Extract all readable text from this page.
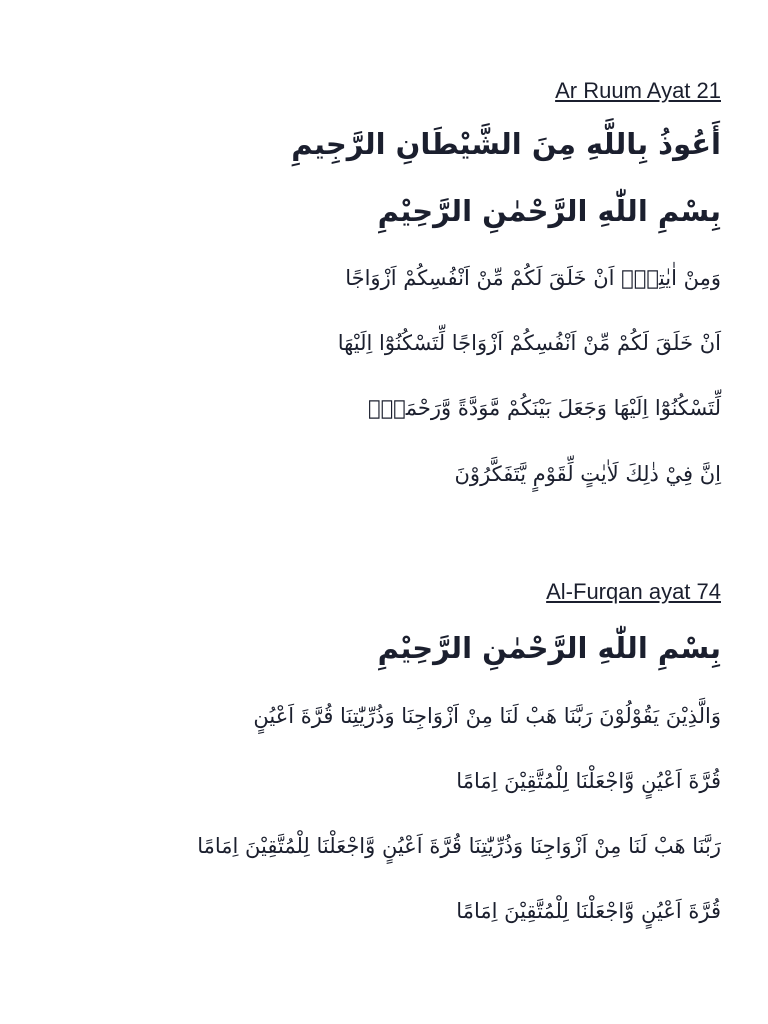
Ar Ruum Ayat 21
أَعُوذُ بِاللَّهِ مِنَ الشَّيْطَانِ الرَّجِيمِ
بِسْمِ اللّٰهِ الرَّحْمٰنِ الرَّحِيْمِ
وَمِنْ اٰيٰتِهٖٓ اَنْ خَلَقَ لَكُمْ مِّنْ اَنْفُسِكُمْ اَزْوَاجًا
اَنْ خَلَقَ لَكُمْ مِّنْ اَنْفُسِكُمْ اَزْوَاجًا لِّتَسْكُنُوْٓا اِلَيْهَا
لِّتَسْكُنُوْٓا اِلَيْهَا وَجَعَلَ بَيْنَكُمْ مَّوَدَّةً وَّرَحْمَةًۗ
اِنَّ فِيْ ذٰلِكَ لَاٰيٰتٍ لِّقَوْمٍ يَّتَفَكَّرُوْنَ
Al-Furqan ayat 74
بِسْمِ اللّٰهِ الرَّحْمٰنِ الرَّحِيْمِ
وَالَّذِيْنَ يَقُوْلُوْنَ رَبَّنَا هَبْ لَنَا مِنْ اَزْوَاجِنَا وَذُرِّيّٰتِنَا قُرَّةَ اَعْيُنٍ
قُرَّةَ اَعْيُنٍ وَّاجْعَلْنَا لِلْمُتَّقِيْنَ اِمَامًا
رَبَّنَا هَبْ لَنَا مِنْ اَزْوَاجِنَا وَذُرِّيّٰتِنَا قُرَّةَ اَعْيُنٍ وَّاجْعَلْنَا لِلْمُتَّقِيْنَ اِمَامًا
قُرَّةَ اَعْيُنٍ وَّاجْعَلْنَا لِلْمُتَّقِيْنَ اِمَامًا
